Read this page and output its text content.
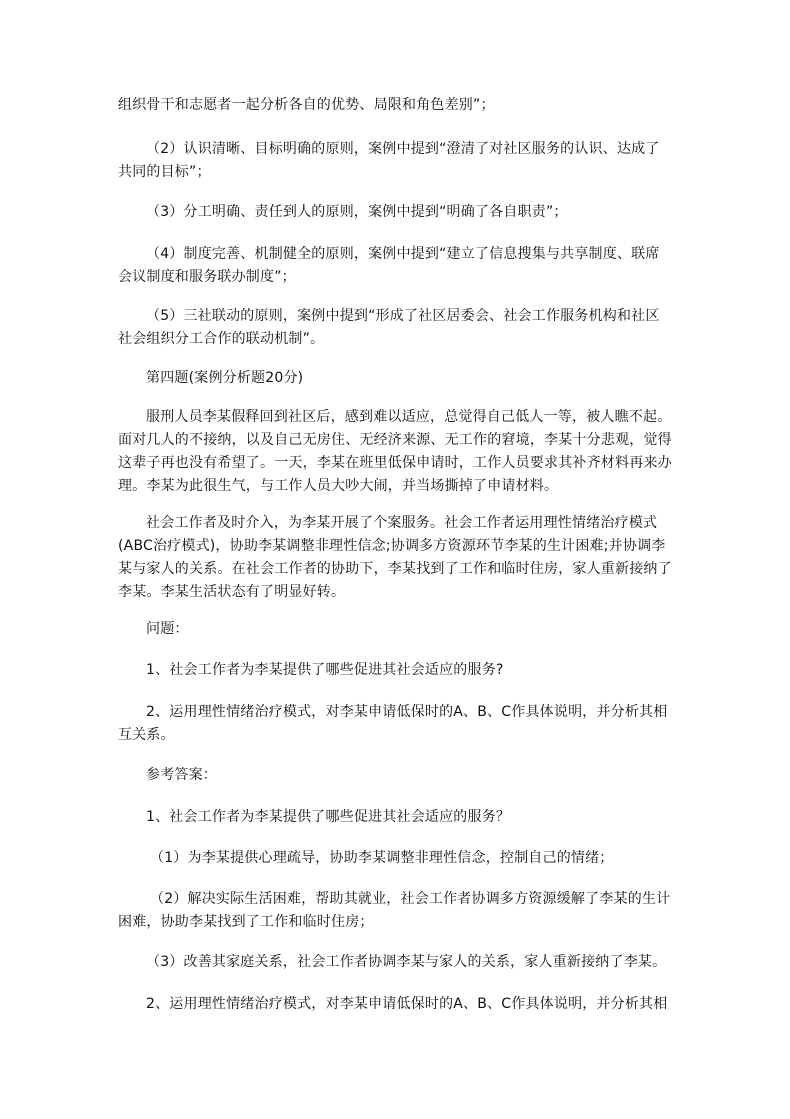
组织骨干和志愿者一起分析各自的优势、局限和角色差别”；
（2）认识清晰、目标明确的原则，案例中提到“澄清了对社区服务的认识、达成了
共同的目标”；
（3）分工明确、责任到人的原则，案例中提到“明确了各自职责”；
（4）制度完善、机制健全的原则，案例中提到“建立了信息搜集与共享制度、联席
会议制度和服务联办制度”；
（5）三社联动的原则，案例中提到“形成了社区居委会、社会工作服务机构和社区
社会组织分工合作的联动机制”。
第四题(案例分析题20分)
服刑人员李某假释回到社区后，感到难以适应，总觉得自己低人一等，被人瞧不起。
面对几人的不接纳，以及自己无房住、无经济来源、无工作的窘境，李某十分悲观，觉得
这辈子再也没有希望了。一天，李某在班里低保申请时，工作人员要求其补齐材料再来办
理。李某为此很生气，与工作人员大吵大闹，并当场撕掉了申请材料。
社会工作者及时介入，为李某开展了个案服务。社会工作者运用理性情绪治疗模式
(ABC治疗模式)，协助李某调整非理性信念;协调多方资源环节李某的生计困难;并协调李
某与家人的关系。在社会工作者的协助下，李某找到了工作和临时住房，家人重新接纳了
李某。李某生活状态有了明显好转。
问题：
1、社会工作者为李某提供了哪些促进其社会适应的服务?
2、运用理性情绪治疗模式，对李某申请低保时的A、B、C作具体说明，并分析其相
互关系。
参考答案：
1、社会工作者为李某提供了哪些促进其社会适应的服务？
（1）为李某提供心理疏导，协助李某调整非理性信念，控制自己的情绪；
（2）解决实际生活困难，帮助其就业，社会工作者协调多方资源缓解了李某的生计
困难，协助李某找到了工作和临时住房；
（3）改善其家庭关系，社会工作者协调李某与家人的关系，家人重新接纳了李某。
2、运用理性情绪治疗模式，对李某申请低保时的A、B、C作具体说明，并分析其相
